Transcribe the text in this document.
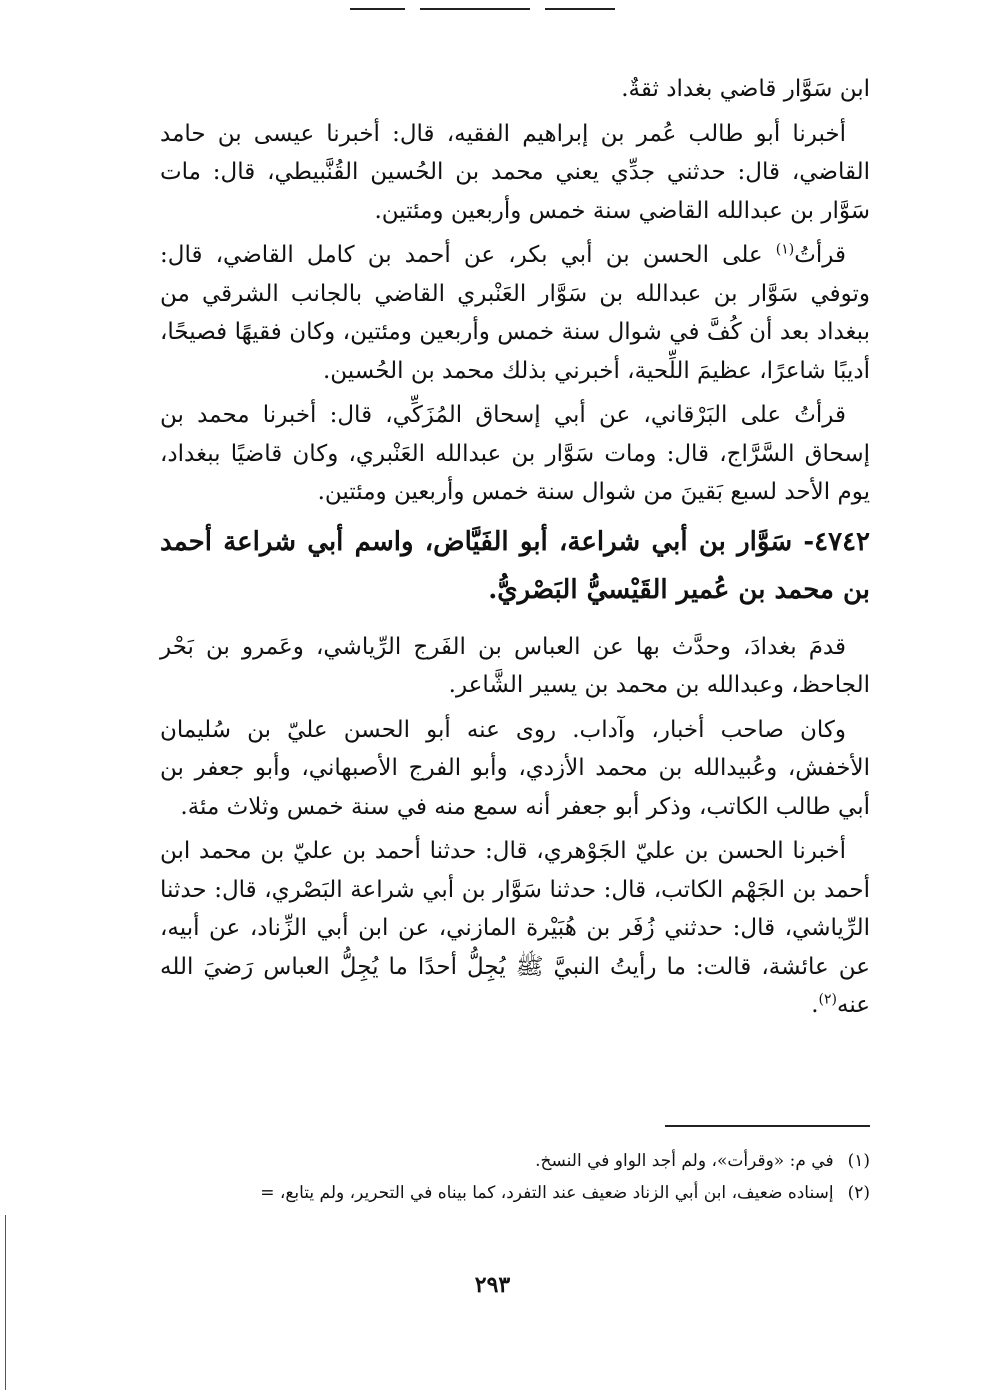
ابن سَوَّار قاضي بغداد ثقةٌ.

أخبرنا أبو طالب عُمر بن إبراهيم الفقيه، قال: أخبرنا عيسى بن حامد القاضي، قال: حدثني جدِّي يعني محمد بن الحُسين القُنَّبيطي، قال: مات سَوَّار بن عبدالله القاضي سنة خمس وأربعين ومئتين.

قرأتُ$^{(١)}$ على الحسن بن أبي بكر، عن أحمد بن كامل القاضي، قال: وتوفي سَوَّار بن عبدالله بن سَوَّار العَنْبري القاضي بالجانب الشرقي من ببغداد بعد أن كُفَّ في شوال سنة خمس وأربعين ومئتين، وكان فقيهًا فصيحًا، أديبًا شاعرًا، عظيمَ اللِّحية، أخبرني بذلك محمد بن الحُسين.

قرأتُ على البَرْقاني، عن أبي إسحاق المُزَكِّي، قال: أخبرنا محمد بن إسحاق السَّرَّاج، قال: ومات سَوَّار بن عبدالله العَنْبري، وكان قاضيًا ببغداد، يوم الأحد لسبع بَقينَ من شوال سنة خمس وأربعين ومئتين.

٤٧٤٢- سَوَّار بن أبي شراعة، أبو الفَيَّاض، واسم أبي شراعة أحمد بن محمد بن عُمير القَيْسيُّ البَصْريُّ.

قدمَ بغدادَ، وحدَّث بها عن العباس بن الفَرج الرِّياشي، وعَمرو بن بَحْر الجاحظ، وعبدالله بن محمد بن يسير الشَّاعر.

وكان صاحب أخبار، وآداب. روى عنه أبو الحسن عليّ بن سُليمان الأخفش، وعُبيدالله بن محمد الأزدي، وأبو الفرج الأصبهاني، وأبو جعفر بن أبي طالب الكاتب، وذكر أبو جعفر أنه سمع منه في سنة خمس وثلاث مئة.

أخبرنا الحسن بن عليّ الجَوْهري، قال: حدثنا أحمد بن عليّ بن محمد ابن أحمد بن الجَهْم الكاتب، قال: حدثنا سَوَّار بن أبي شراعة البَصْري، قال: حدثنا الرِّياشي، قال: حدثني زُفَر بن هُبَيْرة المازني، عن ابن أبي الزِّناد، عن أبيه، عن عائشة، قالت: ما رأيتُ النبيَّ ﷺ يُجِلُّ أحدًا ما يُجِلُّ العباس رَضيَ الله عنه$^{(٢)}$.

(١)في م: «وقرأت»، ولم أجد الواو في النسخ.

(٢)إسناده ضعيف، ابن أبي الزناد ضعيف عند التفرد، كما بيناه في التحرير، ولم يتابع، =

٢٩٣
